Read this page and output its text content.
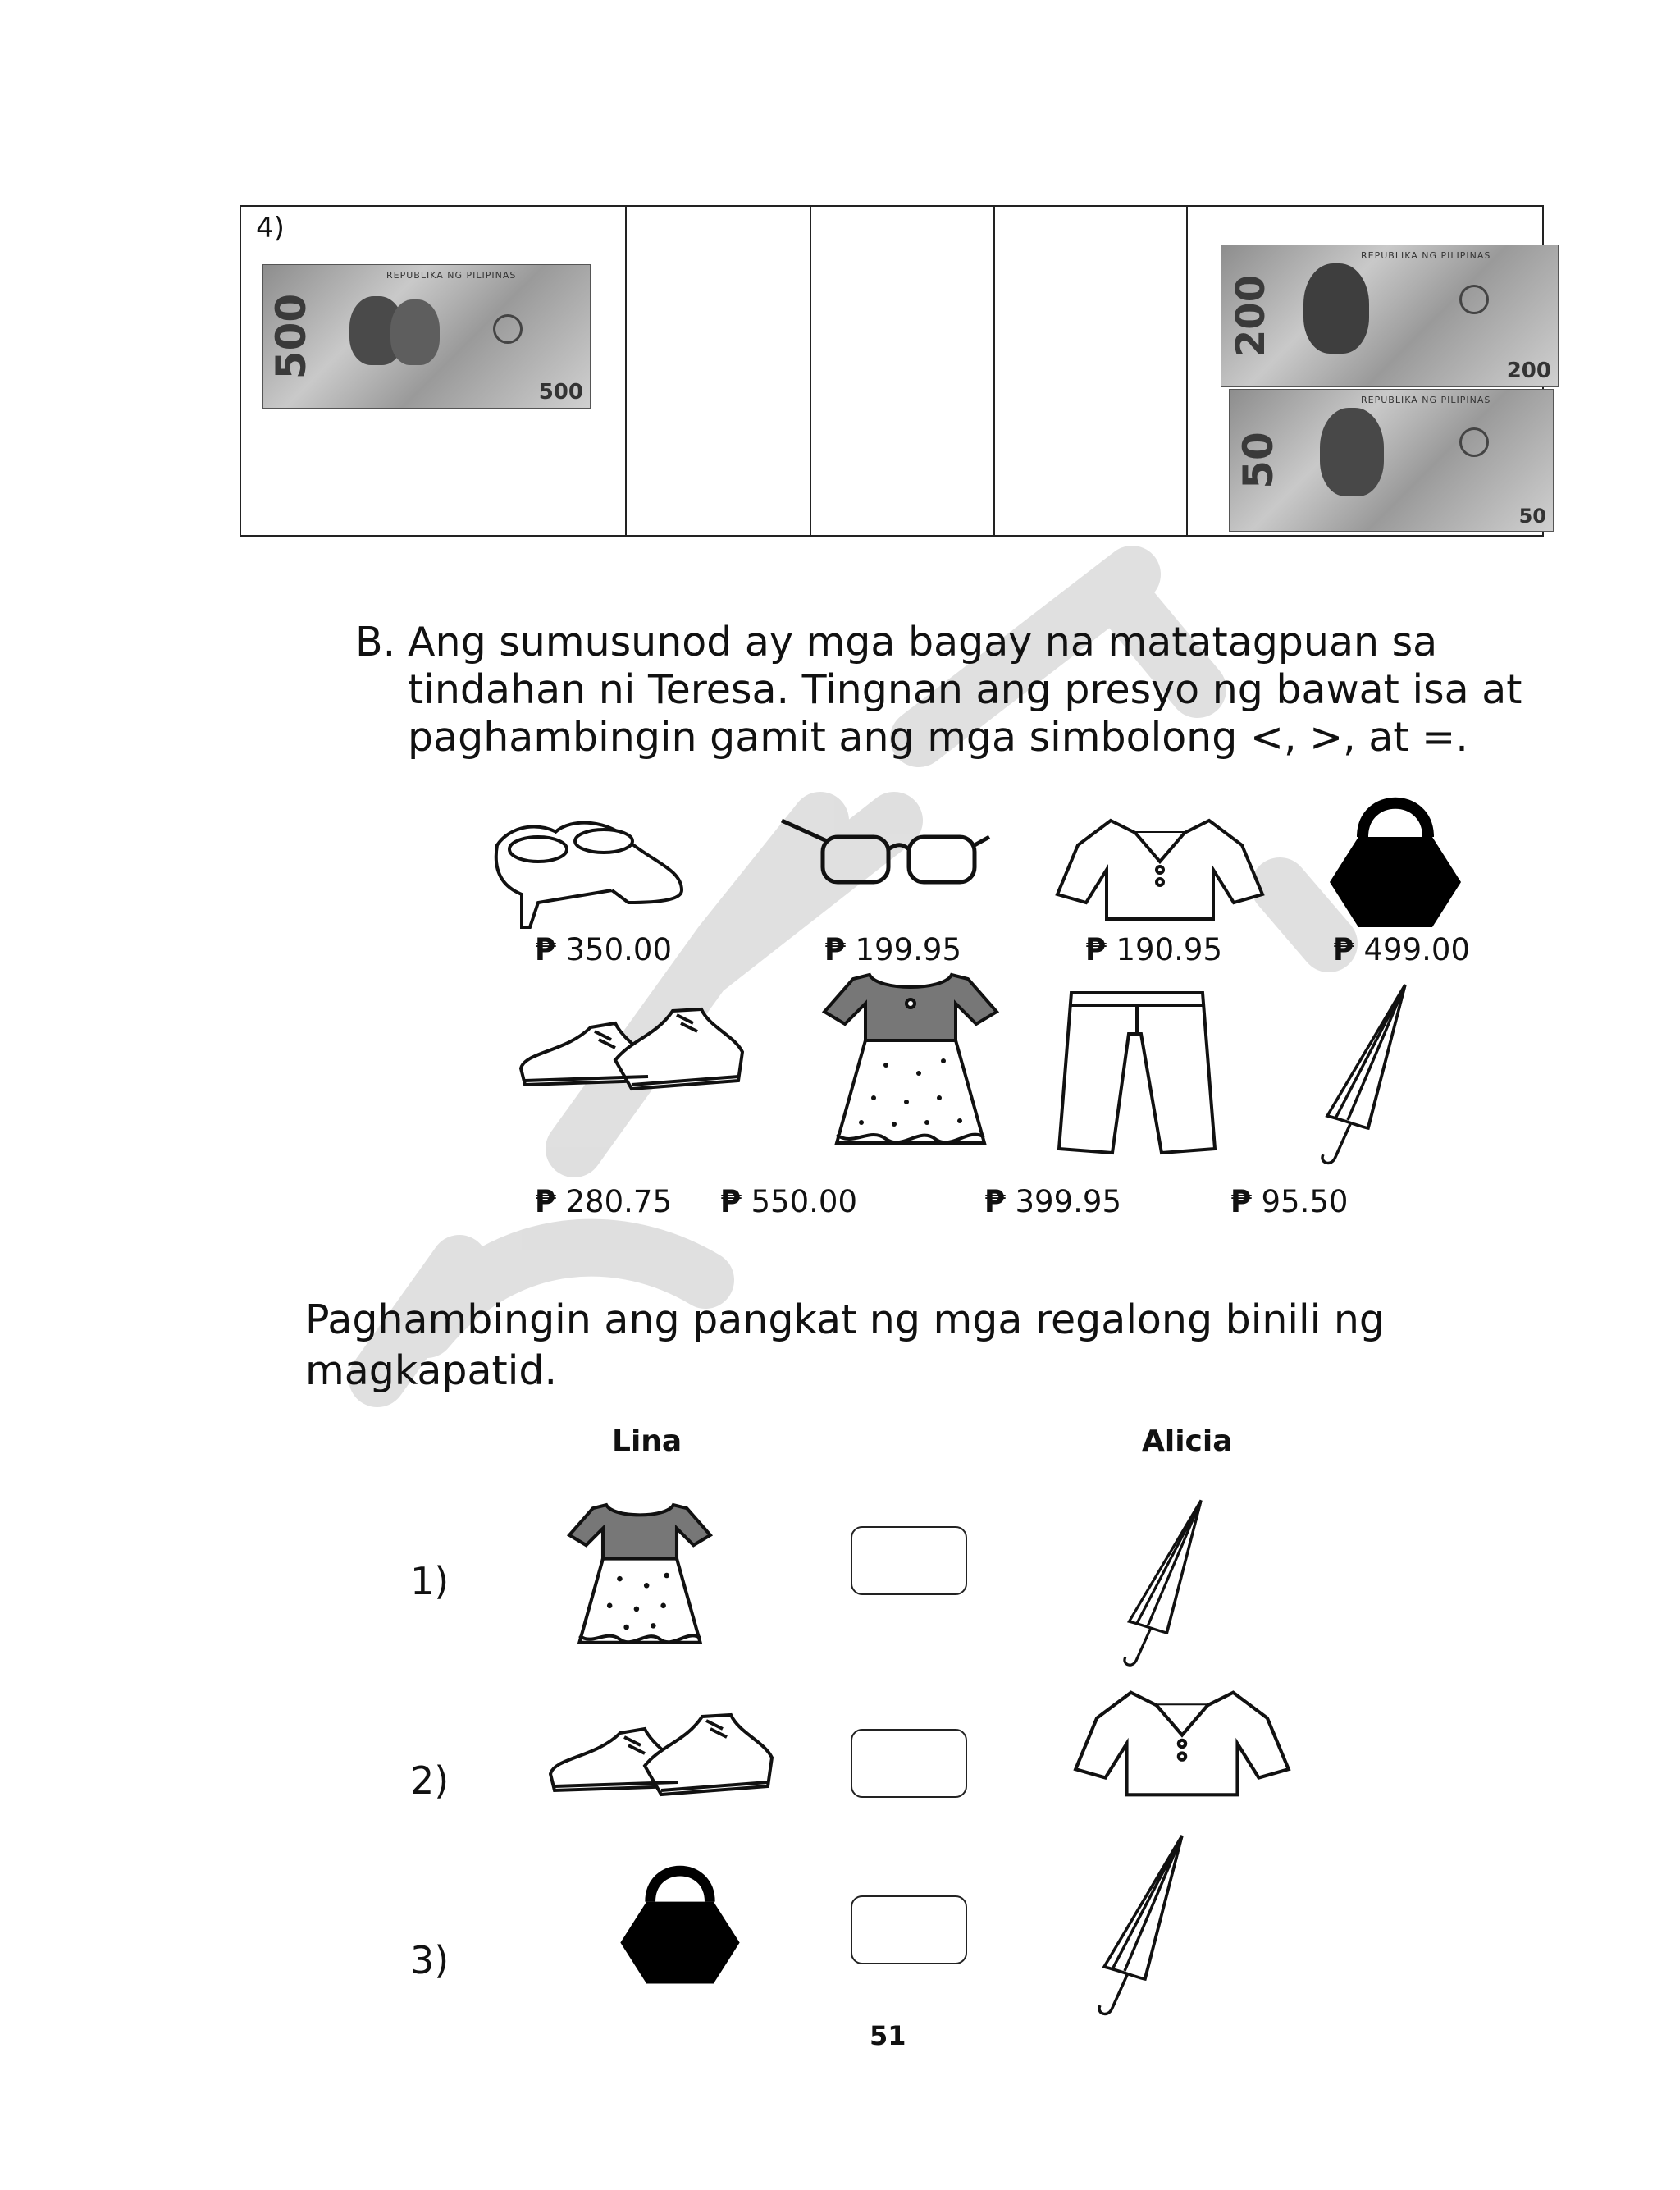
4)
500
REPUBLIKA NG PILIPINAS
500
200
REPUBLIKA NG PILIPINAS
200
50
REPUBLIKA NG PILIPINAS
50
B. Ang sumusunod ay mga bagay na matatagpuan sa
tindahan ni Teresa. Tingnan ang presyo ng bawat isa at
paghambingin gamit ang mga simbolong <, >, at =.
₱ 350.00	₱ 199.95	₱ 190.95	₱ 499.00
₱ 280.75 ₱ 550.00	₱ 399.95	₱ 95.50
Paghambingin ang pangkat ng mga regalong binili ng
magkapatid.
Lina	Alicia
1)
2)
3)
51
